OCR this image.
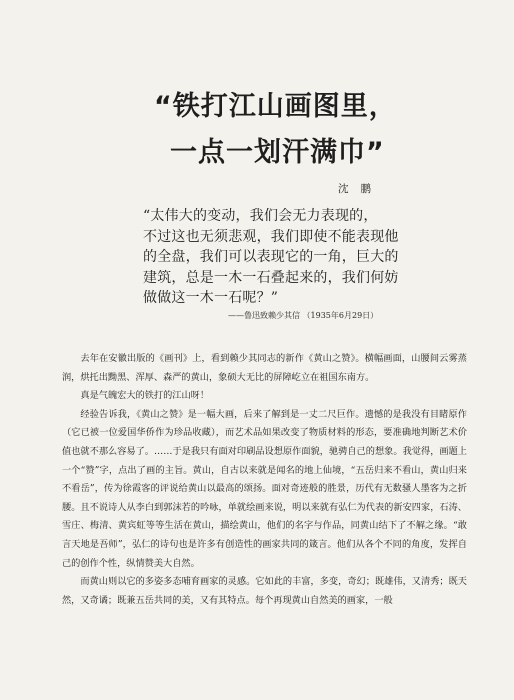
“铁打江山画图里，
一点一划汗满巾”
沈鹏
“太伟大的变动，我们会无力表现的，
不过这也无须悲观，我们即使不能表现他
的全盘，我们可以表现它的一角，巨大的
建筑，总是一木一石叠起来的，我们何妨
做做这一木一石呢？”
——鲁迅致赖少其信 （1935年6月29日）

去年在安徽出版的《画刊》上，看到赖少其同志的新作《黄山之赞》。横幅画面，山腰间云雾蒸润，烘托出黝黑、浑厚、森严的黄山，象硕大无比的屏障屹立在祖国东南方。

真是气魄宏大的铁打的江山呀！

经验告诉我，《黄山之赞》是一幅大画，后来了解到是一丈二尺巨作。遗憾的是我没有目睹原作（它已被一位爱国华侨作为珍品收藏），而艺术品如果改变了物质材料的形态，要准确地判断艺术价值也就不那么容易了。……于是我只有面对印刷品设想原作面貌，驰骋自己的想象。我觉得，画题上一个“赞”字，点出了画的主旨。黄山，自古以来就是闻名的地上仙境，“五岳归来不看山，黄山归来不看岳”，传为徐霞客的评说给黄山以最高的颂扬。面对奇迹般的胜景，历代有无数骚人墨客为之折腰。且不说诗人从李白到郭沫若的吟咏，单就绘画来说，明以来就有弘仁为代表的新安四家，石涛、雪庄、梅清、黄宾虹等等生活在黄山，描绘黄山，他们的名字与作品，同黄山结下了不解之缘。“敢言天地是吾师”，弘仁的诗句也是许多有创造性的画家共同的箴言。他们从各个不同的角度，发挥自己的创作个性，纵情赞美大自然。

而黄山则以它的多姿多态哺育画家的灵感。它如此的丰富，多变，奇幻；既雄伟，又清秀；既天然，又奇谲；既兼五岳共同的美，又有其特点。每个再现黄山自然美的画家，一般
